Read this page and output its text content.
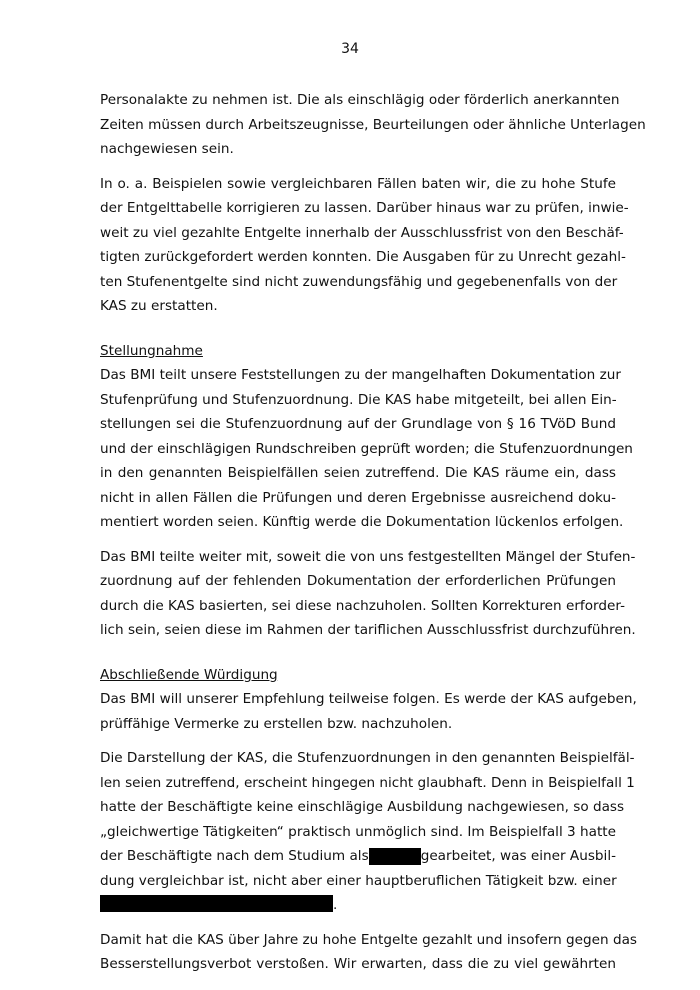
34

Personalakte zu nehmen ist. Die als einschlägig oder förderlich anerkannten
Zeiten müssen durch Arbeitszeugnisse, Beurteilungen oder ähnliche Unterlagen
nachgewiesen sein.

In o. a. Beispielen sowie vergleichbaren Fällen baten wir, die zu hohe Stufe
der Entgelttabelle korrigieren zu lassen. Darüber hinaus war zu prüfen, inwie-
weit zu viel gezahlte Entgelte innerhalb der Ausschlussfrist von den Beschäf-
tigten zurückgefordert werden konnten. Die Ausgaben für zu Unrecht gezahl-
ten Stufenentgelte sind nicht zuwendungsfähig und gegebenenfalls von der
KAS zu erstatten.

Stellungnahme

Das BMI teilt unsere Feststellungen zu der mangelhaften Dokumentation zur
Stufenprüfung und Stufenzuordnung. Die KAS habe mitgeteilt, bei allen Ein-
stellungen sei die Stufenzuordnung auf der Grundlage von § 16 TVöD Bund
und der einschlägigen Rundschreiben geprüft worden; die Stufenzuordnungen
in den genannten Beispielfällen seien zutreffend. Die KAS räume ein, dass
nicht in allen Fällen die Prüfungen und deren Ergebnisse ausreichend doku-
mentiert worden seien. Künftig werde die Dokumentation lückenlos erfolgen.

Das BMI teilte weiter mit, soweit die von uns festgestellten Mängel der Stufen-
zuordnung auf der fehlenden Dokumentation der erforderlichen Prüfungen
durch die KAS basierten, sei diese nachzuholen. Sollten Korrekturen erforder-
lich sein, seien diese im Rahmen der tariflichen Ausschlussfrist durchzuführen.

Abschließende Würdigung

Das BMI will unserer Empfehlung teilweise folgen. Es werde der KAS aufgeben,
prüffähige Vermerke zu erstellen bzw. nachzuholen.

Die Darstellung der KAS, die Stufenzuordnungen in den genannten Beispielfäl-
len seien zutreffend, erscheint hingegen nicht glaubhaft. Denn in Beispielfall 1
hatte der Beschäftigte keine einschlägige Ausbildung nachgewiesen, so dass
„gleichwertige Tätigkeiten“ praktisch unmöglich sind. Im Beispielfall 3 hatte
der Beschäftigte nach dem Studium als	gearbeitet, was einer Ausbil-
dung vergleichbar ist, nicht aber einer hauptberuflichen Tätigkeit bzw. einer
.

Damit hat die KAS über Jahre zu hohe Entgelte gezahlt und insofern gegen das
Besserstellungsverbot verstoßen. Wir erwarten, dass die zu viel gewährten
